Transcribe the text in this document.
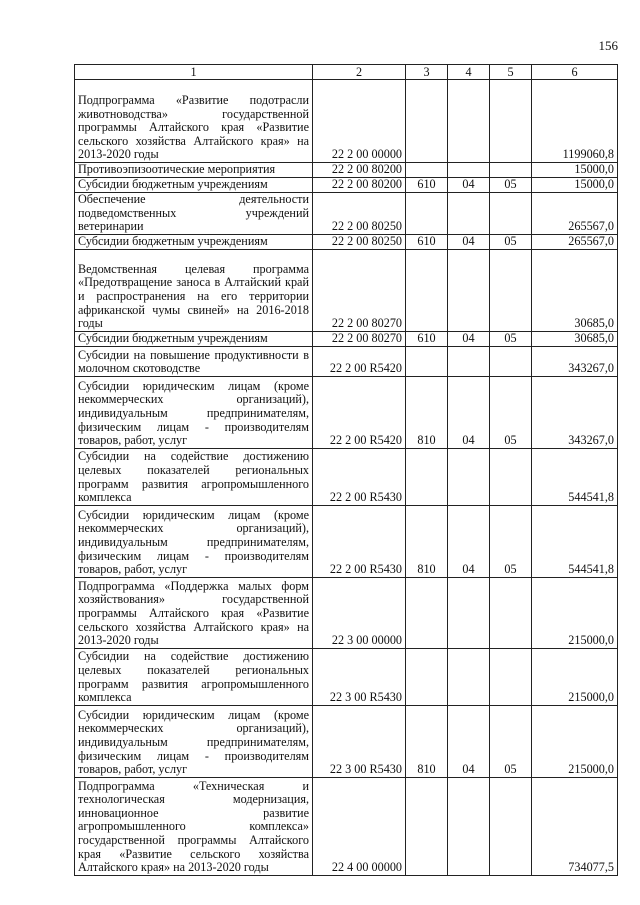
156
1	2	3	4	5	6
Подпрограмма «Развитие подотрасли животноводства» государственной программы Алтайского края «Развитие сельского хозяйства Алтайского края» на 2013-2020 годы	22 2 00 00000				1199060,8
Противоэпизоотические мероприятия	22 2 00 80200				15000,0
Субсидии бюджетным учреждениям	22 2 00 80200	610	04	05	15000,0
Обеспечение деятельности подведомственных учреждений ветеринарии	22 2 00 80250				265567,0
Субсидии бюджетным учреждениям	22 2 00 80250	610	04	05	265567,0
Ведомственная целевая программа «Предотвращение заноса в Алтайский край и распространения на его территории африканской чумы свиней» на 2016-2018 годы	22 2 00 80270				30685,0
Субсидии бюджетным учреждениям	22 2 00 80270	610	04	05	30685,0
Субсидии на повышение продуктивности в молочном скотоводстве	22 2 00 R5420				343267,0
Субсидии юридическим лицам (кроме некоммерческих организаций), индивидуальным предпринимателям, физическим лицам - производителям товаров, работ, услуг	22 2 00 R5420	810	04	05	343267,0
Субсидии на содействие достижению целевых показателей региональных программ развития агропромышленного комплекса	22 2 00 R5430				544541,8
Субсидии юридическим лицам (кроме некоммерческих организаций), индивидуальным предпринимателям, физическим лицам - производителям товаров, работ, услуг	22 2 00 R5430	810	04	05	544541,8
Подпрограмма «Поддержка малых форм хозяйствования» государственной программы Алтайского края «Развитие сельского хозяйства Алтайского края» на 2013-2020 годы	22 3 00 00000				215000,0
Субсидии на содействие достижению целевых показателей региональных программ развития агропромышленного комплекса	22 3 00 R5430				215000,0
Субсидии юридическим лицам (кроме некоммерческих организаций), индивидуальным предпринимателям, физическим лицам - производителям товаров, работ, услуг	22 3 00 R5430	810	04	05	215000,0
Подпрограмма «Техническая и технологическая модернизация, инновационное развитие агропромышленного комплекса» государственной программы Алтайского края «Развитие сельского хозяйства Алтайского края» на 2013-2020 годы	22 4 00 00000				734077,5
